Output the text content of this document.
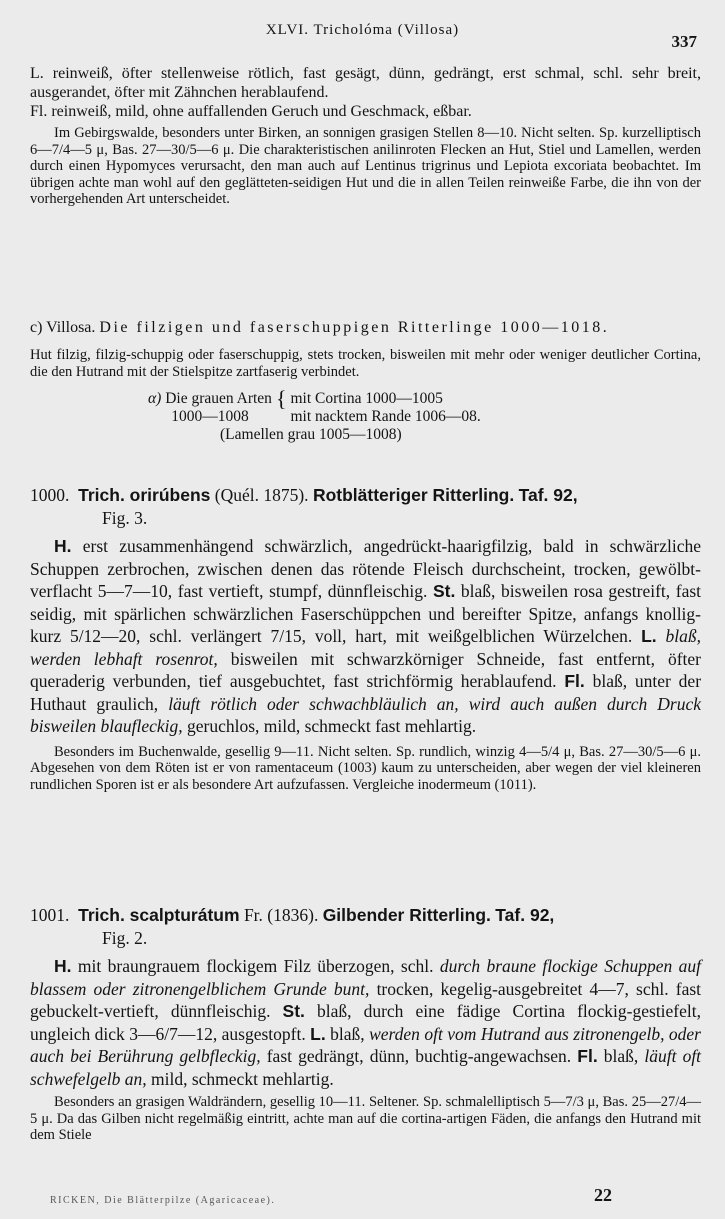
XLVI. Tricholóma (Villosa)
337

L. reinweiß, öfter stellenweise rötlich, fast gesägt, dünn, gedrängt, erst schmal, schl. sehr breit, ausgerandet, öfter mit Zähnchen herablaufend.

Fl. reinweiß, mild, ohne auffallenden Geruch und Geschmack, eßbar.

Im Gebirgswalde, besonders unter Birken, an sonnigen grasigen Stellen 8—10. Nicht selten. Sp. kurzelliptisch 6—7/4—5 μ, Bas. 27—30/5—6 μ. Die charakteristischen anilinroten Flecken an Hut, Stiel und Lamellen, werden durch einen Hypomyces verursacht, den man auch auf Lentinus trigrinus und Lepiota excoriata beobachtet. Im übrigen achte man wohl auf den geglätteten-seidigen Hut und die in allen Teilen reinweiße Farbe, die ihn von der vorhergehenden Art unterscheidet.

c) Villosa. Die filzigen und faserschuppigen Ritterlinge 1000—1018.

Hut filzig, filzig-schuppig oder faserschuppig, stets trocken, bisweilen mit mehr oder weniger deutlicher Cortina, die den Hutrand mit der Stielspitze zartfaserig verbindet.

α) Die grauen Arten
1000—1008
{ mit Cortina 1000—1005
mit nacktem Rande 1006—08.
(Lamellen grau 1005—1008)

1000. Trich. orirúbens (Quél. 1875). Rotblätteriger Ritterling. Taf. 92,
Fig. 3.

H. erst zusammenhängend schwärzlich, angedrückt-haarigfilzig, bald in schwärzliche Schuppen zerbrochen, zwischen denen das rötende Fleisch durchscheint, trocken, gewölbt-verflacht 5—7—10, fast vertieft, stumpf, dünnfleischig. St. blaß, bisweilen rosa gestreift, fast seidig, mit spärlichen schwärzlichen Faserschüppchen und bereifter Spitze, anfangs knollig-kurz 5/12—20, schl. verlängert 7/15, voll, hart, mit weißgelblichen Würzelchen. L. blaß, werden lebhaft rosenrot, bisweilen mit schwarzkörniger Schneide, fast entfernt, öfter queraderig verbunden, tief ausgebuchtet, fast strichförmig herablaufend. Fl. blaß, unter der Huthaut graulich, läuft rötlich oder schwachbläulich an, wird auch außen durch Druck bisweilen blaufleckig, geruchlos, mild, schmeckt fast mehlartig.

Besonders im Buchenwalde, gesellig 9—11. Nicht selten. Sp. rundlich, winzig 4—5/4 μ, Bas. 27—30/5—6 μ. Abgesehen von dem Röten ist er von ramentaceum (1003) kaum zu unterscheiden, aber wegen der viel kleineren rundlichen Sporen ist er als besondere Art aufzufassen. Vergleiche inodermeum (1011).

1001. Trich. scalpturátum Fr. (1836). Gilbender Ritterling. Taf. 92,
Fig. 2.

H. mit braungrauem flockigem Filz überzogen, schl. durch braune flockige Schuppen auf blassem oder zitronengelblichem Grunde bunt, trocken, kegelig-ausgebreitet 4—7, schl. fast gebuckelt-vertieft, dünnfleischig. St. blaß, durch eine fädige Cortina flockig-gestiefelt, ungleich dick 3—6/7—12, ausgestopft. L. blaß, werden oft vom Hutrand aus zitronengelb, oder auch bei Berührung gelbfleckig, fast gedrängt, dünn, buchtig-angewachsen. Fl. blaß, läuft oft schwefelgelb an, mild, schmeckt mehlartig.

Besonders an grasigen Waldrändern, gesellig 10—11. Seltener. Sp. schmalelliptisch 5—7/3 μ, Bas. 25—27/4—5 μ. Da das Gilben nicht regelmäßig eintritt, achte man auf die cortina-artigen Fäden, die anfangs den Hutrand mit dem Stiele

RICKEN, Die Blätterpilze (Agaricaceae).	22
